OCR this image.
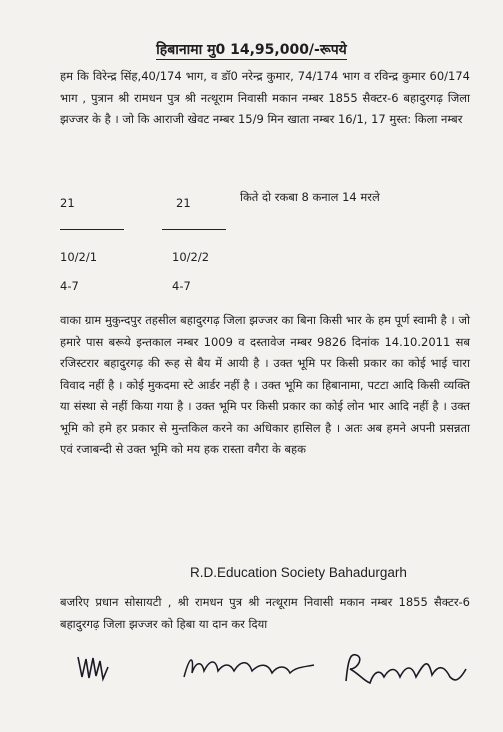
हिबानामा मु0 14,95,000/-रूपये
हम कि विरेन्द्र सिंह,40/174 भाग, व डॉ0 नरेन्द्र कुमार, 74/174 भाग व रविन्द्र कुमार 60/174 भाग , पुत्रान श्री रामधन पुत्र श्री नत्थूराम निवासी मकान नम्बर 1855 सैक्टर-6 बहादुरगढ़ जिला झज्जर के है । जो कि आराजी खेवट नम्बर 15/9 मिन खाता नम्बर 16/1, 17 मुस्त: किला नम्बर
21	21	किते दो रकबा 8 कनाल 14 मरले
10/2/1	10/2/2
4-7	4-7
वाका ग्राम मुकुन्दपुर तहसील बहादुरगढ़ जिला झज्जर का बिना किसी भार के हम पूर्ण स्वामी है । जो हमारे पास बरूये इन्तकाल नम्बर 1009 व दस्तावेज नम्बर 9826 दिनांक 14.10.2011 सब रजिस्टरार बहादुरगढ़ की रूह से बैय में आयी है । उक्त भूमि पर किसी प्रकार का कोई भाई चारा विवाद नहीं है । कोई मुकदमा स्टे आर्डर नहीं है । उक्त भूमि का हिबानामा, पटटा आदि किसी व्यक्ति या संस्था से नहीं किया गया है । उक्त भूमि पर किसी प्रकार का कोई लोन भार आदि नहीं है । उक्त भूमि को हमे हर प्रकार से मुन्तकिल करने का अधिकार हासिल है । अतः अब हमने अपनी प्रसन्नता एवं रजाबन्दी से उक्त भूमि को मय हक रास्ता वगैरा के बहक
R.D.Education Society Bahadurgarh
बजरिए प्रधान सोसायटी , श्री रामधन पुत्र श्री नत्थूराम निवासी मकान नम्बर 1855 सैक्टर-6 बहादुरगढ़ जिला झज्जर को हिबा या दान कर दिया
